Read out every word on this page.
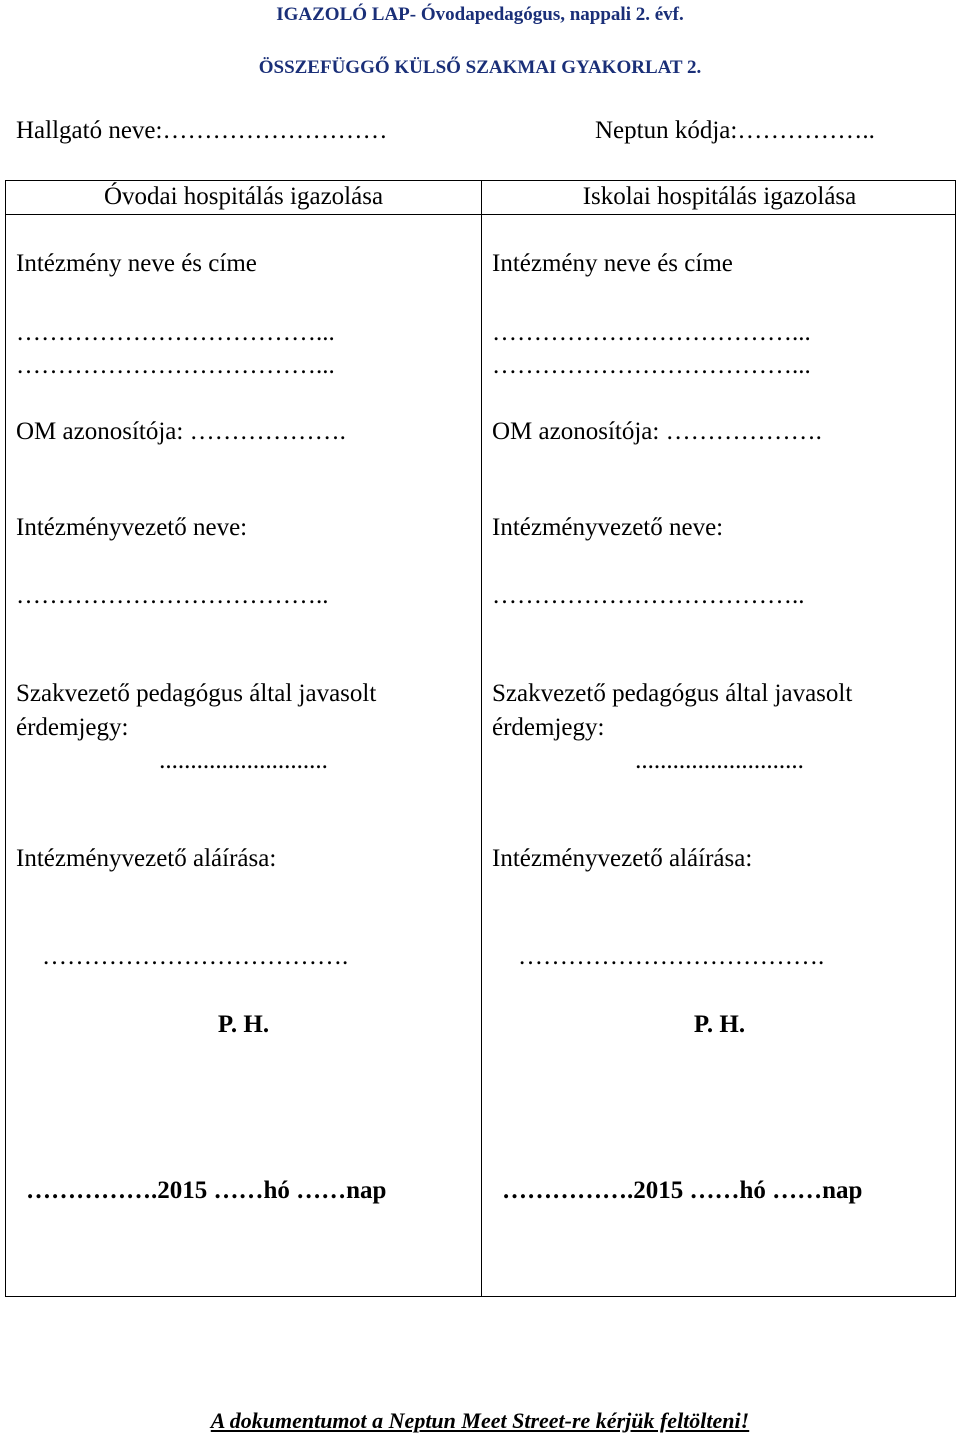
IGAZOLÓ LAP- Óvodapedagógus, nappali 2. évf.
ÖSSZEFÜGGŐ KÜLSŐ SZAKMAI GYAKORLAT 2.
Hallgató neve:………………………	Neptun kódja:……………..
Óvodai hospitálás igazolása
Intézmény neve és címe
………………………………...
………………………………...
OM azonosítója: ……………….
Intézményvezető neve:
………………………………..
Szakvezető pedagógus által javasolt
érdemjegy:
...........................
Intézményvezető aláírása:
……………………………….
P. H.
…………….2015 ……hó ……nap
Iskolai hospitálás igazolása
Intézmény neve és címe
………………………………...
………………………………...
OM azonosítója: ……………….
Intézményvezető neve:
………………………………..
Szakvezető pedagógus által javasolt
érdemjegy:
...........................
Intézményvezető aláírása:
……………………………….
P. H.
…………….2015 ……hó ……nap
A dokumentumot a Neptun Meet Street-re kérjük feltölteni!
